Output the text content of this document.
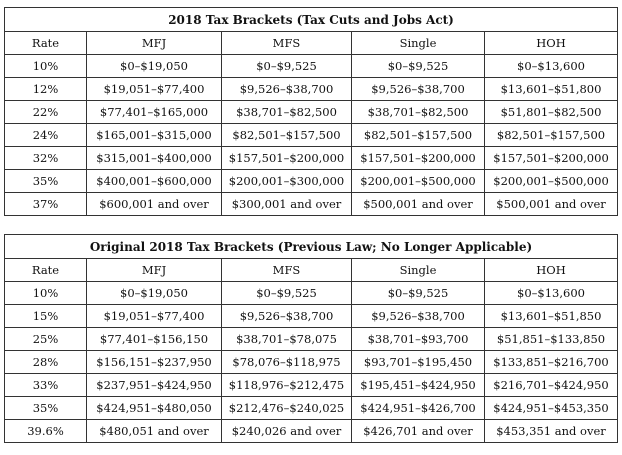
2018 Tax Brackets (Tax Cuts and Jobs Act)				
Rate	MFJ	MFS	Single	HOH
10%	$0–$19,050	$0–$9,525	$0–$9,525	$0–$13,600
12%	$19,051–$77,400	$9,526–$38,700	$9,526–$38,700	$13,601–$51,800
22%	$77,401–$165,000	$38,701–$82,500	$38,701–$82,500	$51,801–$82,500
24%	$165,001–$315,000	$82,501–$157,500	$82,501–$157,500	$82,501–$157,500
32%	$315,001–$400,000	$157,501–$200,000	$157,501–$200,000	$157,501–$200,000
35%	$400,001–$600,000	$200,001–$300,000	$200,001–$500,000	$200,001–$500,000
37%	$600,001 and over	$300,001 and over	$500,001 and over	$500,001 and over
Original 2018 Tax Brackets (Previous Law; No Longer Applicable)				
Rate	MFJ	MFS	Single	HOH
10%	$0–$19,050	$0–$9,525	$0–$9,525	$0–$13,600
15%	$19,051–$77,400	$9,526–$38,700	$9,526–$38,700	$13,601–$51,850
25%	$77,401–$156,150	$38,701–$78,075	$38,701–$93,700	$51,851–$133,850
28%	$156,151–$237,950	$78,076–$118,975	$93,701–$195,450	$133,851–$216,700
33%	$237,951–$424,950	$118,976–$212,475	$195,451–$424,950	$216,701–$424,950
35%	$424,951–$480,050	$212,476–$240,025	$424,951–$426,700	$424,951–$453,350
39.6%	$480,051 and over	$240,026 and over	$426,701 and over	$453,351 and over
